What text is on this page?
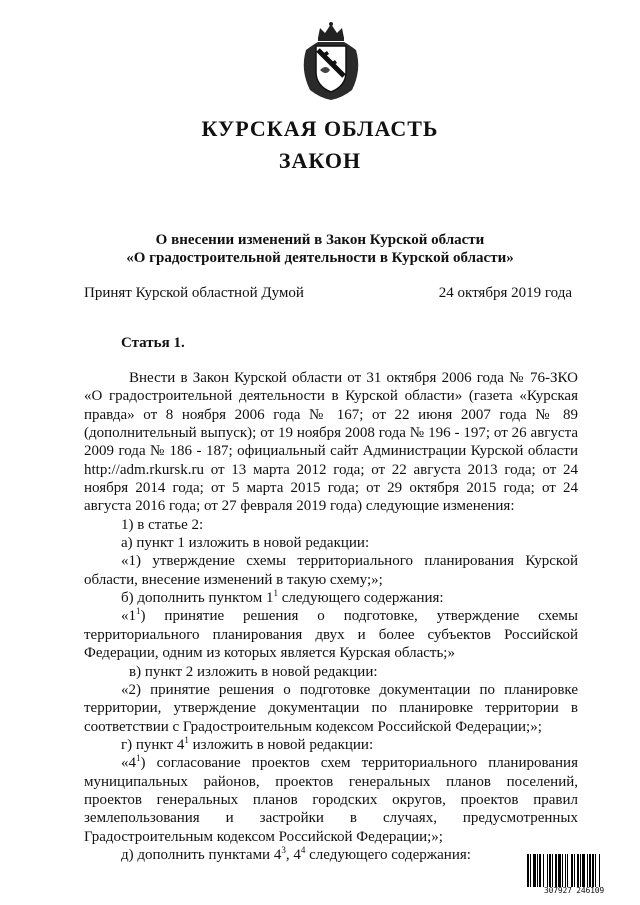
КУРСКАЯ ОБЛАСТЬ
ЗАКОН
О внесении изменений в Закон Курской области
«О градостроительной деятельности в Курской области»
Принят Курской областной Думой	24 октября 2019 года
Статья 1.

Внести в Закон Курской области от 31 октября 2006 года № 76-ЗКО «О градостроительной деятельности в Курской области» (газета «Курская правда» от 8 ноября 2006 года № 167; от 22 июня 2007 года № 89 (дополнительный выпуск); от 19 ноября 2008 года № 196 - 197; от 26 августа 2009 года № 186 - 187; официальный сайт Администрации Курской области http://adm.rkursk.ru от 13 марта 2012 года; от 22 августа 2013 года; от 24 ноября 2014 года; от 5 марта 2015 года; от 29 октября 2015 года; от 24 августа 2016 года; от 27 февраля 2019 года) следующие изменения:

1) в статье 2:

а) пункт 1 изложить в новой редакции:

«1) утверждение схемы территориального планирования Курской области, внесение изменений в такую схему;»;

б) дополнить пунктом $1^1$ следующего содержания:

«$1^1$) принятие решения о подготовке, утверждение схемы территориального планирования двух и более субъектов Российской Федерации, одним из которых является Курская область;»

в) пункт 2 изложить в новой редакции:

«2) принятие решения о подготовке документации по планировке территории, утверждение документации по планировке территории в соответствии с Градостроительным кодексом Российской Федерации;»;

г) пункт $4^1$ изложить в новой редакции:

«$4^1$) согласование проектов схем территориального планирования муниципальных районов, проектов генеральных планов поселений, проектов генеральных планов городских округов, проектов правил землепользования и застройки в случаях, предусмотренных Градостроительным кодексом Российской Федерации;»;

д) дополнить пунктами $4^3$, $4^4$ следующего содержания:

307927 246109
